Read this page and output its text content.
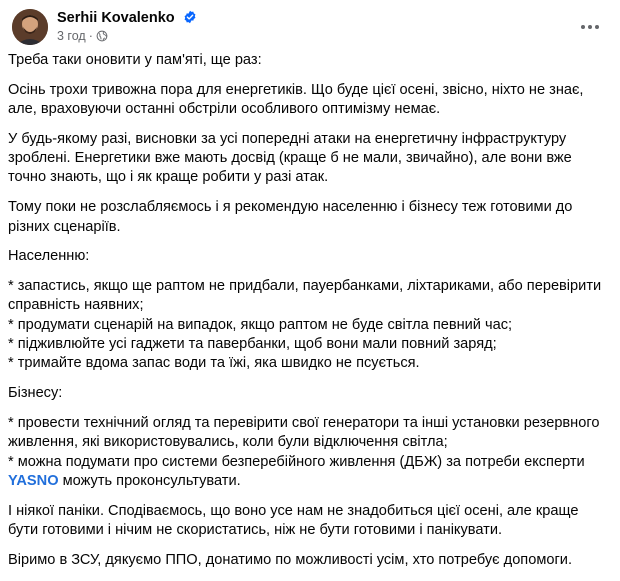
Serhii Kovalenko
3 год ·

Треба таки оновити у пам'яті, ще раз:

Осінь трохи тривожна пора для енергетиків. Що буде цієї осені, звісно, ніхто не знає, але, враховуючи останні обстріли особливого оптимізму немає.

У будь-якому разі, висновки за усі попередні атаки на енергетичну інфраструктуру зроблені. Енергетики вже мають досвід (краще б не мали, звичайно), але вони вже точно знають, що і як краще робити у разі атак.

Тому поки не розслабляємось і я рекомендую населенню і бізнесу теж готовими до різних сценаріїв.

Населенню:

* запастись, якщо ще раптом не придбали, пауербанками, ліхтариками, або перевірити справність наявних;
* продумати сценарій на випадок, якщо раптом не буде світла певний час;
* підживлюйте усі гаджети та павербанки, щоб вони мали повний заряд;
* тримайте вдома запас води та їжі, яка швидко не псується.

Бізнесу:

* провести технічний огляд та перевірити свої генератори та інші установки резервного живлення, які використовувались, коли були відключення світла;
* можна подумати про системи безперебійного живлення (ДБЖ) за потреби експерти YASNO можуть проконсультувати.

І ніякої паніки. Сподіваємось, що воно усе нам не знадобиться цієї осені, але краще бути готовими і нічим не скористатись, ніж не бути готовими і панікувати.

Віримо в ЗСУ, дякуємо ППО, донатимо по можливості усім, хто потребує допомоги.
